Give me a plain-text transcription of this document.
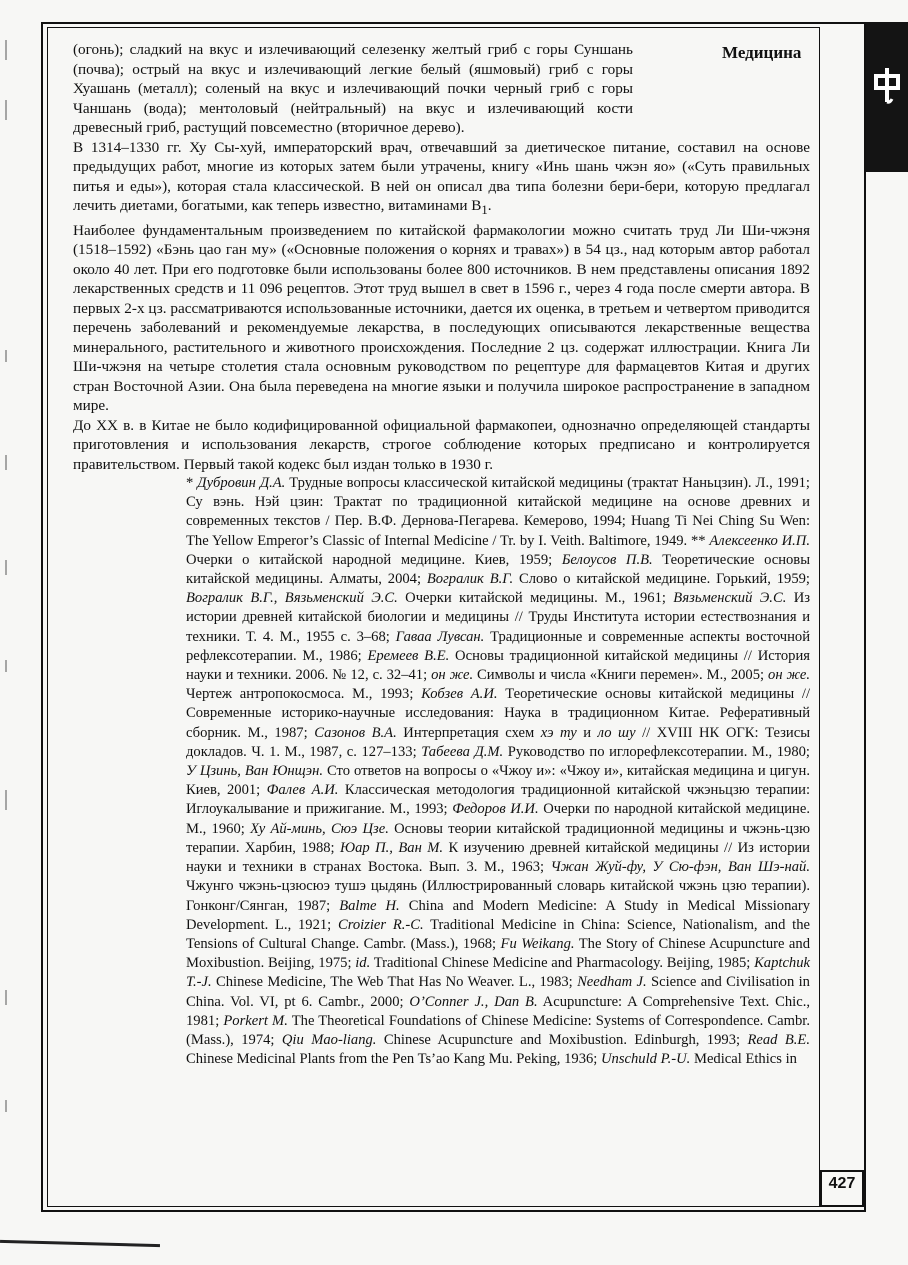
Медицина

(огонь); сладкий на вкус и излечивающий селезенку желтый гриб с горы Суншань (почва); острый на вкус и излечивающий легкие белый (яшмовый) гриб с горы Хуашань (металл); соленый на вкус и излечивающий почки черный гриб с горы Чаншань (вода); ментоловый (нейтральный) на вкус и излечивающий кости древесный гриб, растущий повсеместно (вторичное дерево).

В 1314–1330 гг. Ху Сы-хуй, императорский врач, отвечавший за диетическое питание, составил на основе предыдущих работ, многие из которых затем были утрачены, книгу «Инь шань чжэн яо» («Суть правильных питья и еды»), которая стала классической. В ней он описал два типа болезни бери-бери, которую предлагал лечить диетами, богатыми, как теперь известно, витаминами $B_1$.

Наиболее фундаментальным произведением по китайской фармакологии можно считать труд Ли Ши-чжэня (1518–1592) «Бэнь цао ган му» («Основные положения о корнях и травах») в 54 цз., над которым автор работал около 40 лет. При его подготовке были использованы более 800 источников. В нем представлены описания 1892 лекарственных средств и 11 096 рецептов. Этот труд вышел в свет в 1596 г., через 4 года после смерти автора. В первых 2-х цз. рассматриваются использованные источники, дается их оценка, в третьем и четвертом приводится перечень заболеваний и рекомендуемые лекарства, в последующих описываются лекарственные вещества минерального, растительного и животного происхождения. Последние 2 цз. содержат иллюстрации. Книга Ли Ши-чжэня на четыре столетия стала основным руководством по рецептуре для фармацевтов Китая и других стран Восточной Азии. Она была переведена на многие языки и получила широкое распространение в западном мире.

До XX в. в Китае не было кодифицированной официальной фармакопеи, однозначно определяющей стандарты приготовления и использования лекарств, строгое соблюдение которых предписано и контролируется правительством. Первый такой кодекс был издан только в 1930 г.

* Дубровин Д.А. Трудные вопросы классической китайской медицины (трактат Наньцзин). Л., 1991; Су вэнь. Нэй цзин: Трактат по традиционной китайской медицине на основе древних и современных текстов / Пер. В.Ф. Дернова-Пегарева. Кемерово, 1994; Huang Ti Nei Ching Su Wen: The Yellow Emperor’s Classic of Internal Medicine / Tr. by I. Veith. Baltimore, 1949. ** Алексеенко И.П. Очерки о китайской народной медицине. Киев, 1959; Белоусов П.В. Теоретические основы китайской медицины. Алматы, 2004; Вогралик В.Г. Слово о китайской медицине. Горький, 1959; Вогралик В.Г., Вязьменский Э.С. Очерки китайской медицины. М., 1961; Вязьменский Э.С. Из истории древней китайской биологии и медицины // Труды Института истории естествознания и техники. Т. 4. М., 1955 с. 3–68; Гаваа Лувсан. Традиционные и современные аспекты восточной рефлексотерапии. М., 1986; Еремеев В.Е. Основы традиционной китайской медицины // История науки и техники. 2006. № 12, с. 32–41; он же. Символы и числа «Книги перемен». М., 2005; он же. Чертеж антропокосмоса. М., 1993; Кобзев А.И. Теоретические основы китайской медицины // Современные историко-научные исследования: Наука в традиционном Китае. Реферативный сборник. М., 1987; Сазонов В.А. Интерпретация схем хэ ту и ло шу // XVIII НК ОГК: Тезисы докладов. Ч. 1. М., 1987, с. 127–133; Табеева Д.М. Руководство по иглорефлексотерапии. М., 1980; У Цзинь, Ван Юнщэн. Сто ответов на вопросы о «Чжоу и»: «Чжоу и», китайская медицина и цигун. Киев, 2001; Фалев А.И. Классическая методология традиционной китайской чжэньцзю терапии: Иглоукалывание и прижигание. М., 1993; Федоров И.И. Очерки по народной китайской медицине. М., 1960; Ху Ай-минь, Сюэ Цзе. Основы теории китайской традиционной медицины и чжэнь-цзю терапии. Харбин, 1988; Юар П., Ван М. К изучению древней китайской медицины // Из истории науки и техники в странах Востока. Вып. 3. М., 1963; Чжан Жуй-фу, У Сю-фэн, Ван Шэ-най. Чжунго чжэнь-цзюсюэ тушэ цыдянь (Иллюстрированный словарь китайской чжэнь цзю терапии). Гонконг/Сянган, 1987; Balme H. China and Modern Medicine: A Study in Medical Missionary Development. L., 1921; Croizier R.-C. Traditional Medicine in China: Science, Nationalism, and the Tensions of Cultural Change. Cambr. (Mass.), 1968; Fu Weikang. The Story of Chinese Acupuncture and Moxibustion. Beijing, 1975; id. Traditional Chinese Medicine and Pharmacology. Beijing, 1985; Kaptchuk T.-J. Chinese Medicine, The Web That Has No Weaver. L., 1983; Needham J. Science and Civilisation in China. Vol. VI, pt 6. Cambr., 2000; O’Conner J., Dan B. Acupuncture: A Comprehensive Text. Chic., 1981; Porkert M. The Theoretical Foundations of Chinese Medicine: Systems of Correspondence. Cambr. (Mass.), 1974; Qiu Mao-liang. Chinese Acupuncture and Moxibustion. Edinburgh, 1993; Read B.E. Chinese Medicinal Plants from the Pen Ts’ao Kang Mu. Peking, 1936; Unschuld P.-U. Medical Ethics in

427
